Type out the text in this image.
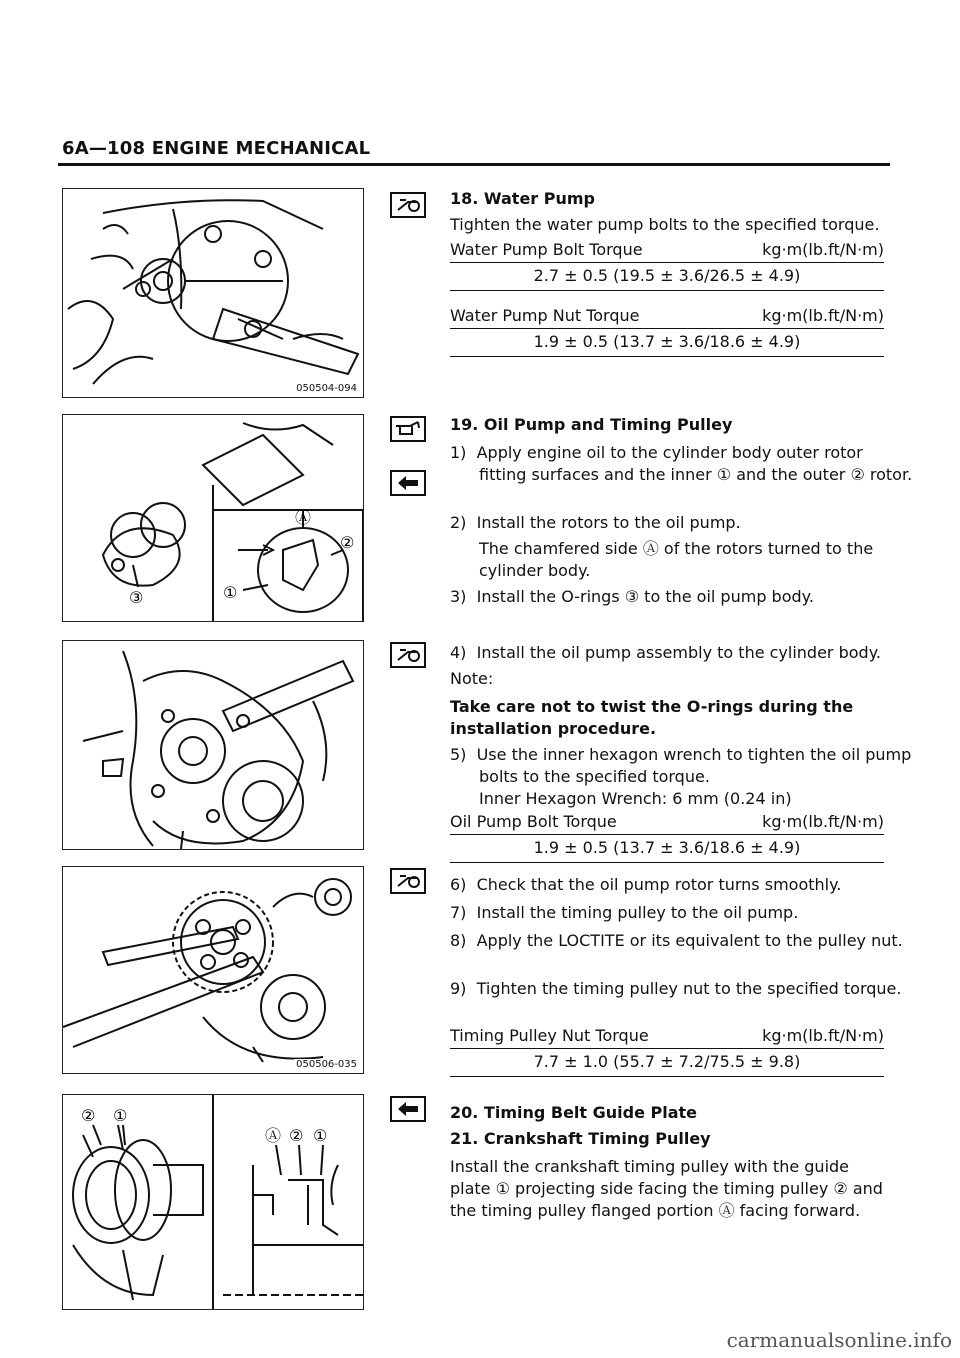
6A—108 ENGINE MECHANICAL
050504-094
Ⓐ
②
③	①
050506-035
② ①
Ⓐ ② ①
18. Water Pump
Tighten the water pump bolts to the specified torque.
Water Pump Bolt Torque	kg·m(lb.ft/N·m)
2.7 ± 0.5 (19.5 ± 3.6/26.5 ± 4.9)
Water Pump Nut Torque	kg·m(lb.ft/N·m)
1.9 ± 0.5 (13.7 ± 3.6/18.6 ± 4.9)
19. Oil Pump and Timing Pulley
1)  Apply engine oil to the cylinder body outer rotor fitting surfaces and the inner ① and the outer ② rotor.
2)  Install the rotors to the oil pump.
The chamfered side Ⓐ of the rotors turned to the cylinder body.
3)  Install the O-rings ③ to the oil pump body.
4)  Install the oil pump assembly to the cylinder body.
Note:
Take care not to twist the O-rings during the installation procedure.
5)  Use the inner hexagon wrench to tighten the oil pump bolts to the specified torque.
Inner Hexagon Wrench: 6 mm (0.24 in)
Oil Pump Bolt Torque	kg·m(lb.ft/N·m)
1.9 ± 0.5 (13.7 ± 3.6/18.6 ± 4.9)
6)  Check that the oil pump rotor turns smoothly.
7)  Install the timing pulley to the oil pump.
8)  Apply the LOCTITE or its equivalent to the pulley nut.
9)  Tighten the timing pulley nut to the specified torque.
Timing Pulley Nut Torque	kg·m(lb.ft/N·m)
7.7 ± 1.0 (55.7 ± 7.2/75.5 ± 9.8)
20. Timing Belt Guide Plate
21. Crankshaft Timing Pulley
Install the crankshaft timing pulley with the guide plate ① projecting side facing the timing pulley ② and the timing pulley flanged portion Ⓐ facing forward.
carmanualsonline.info
